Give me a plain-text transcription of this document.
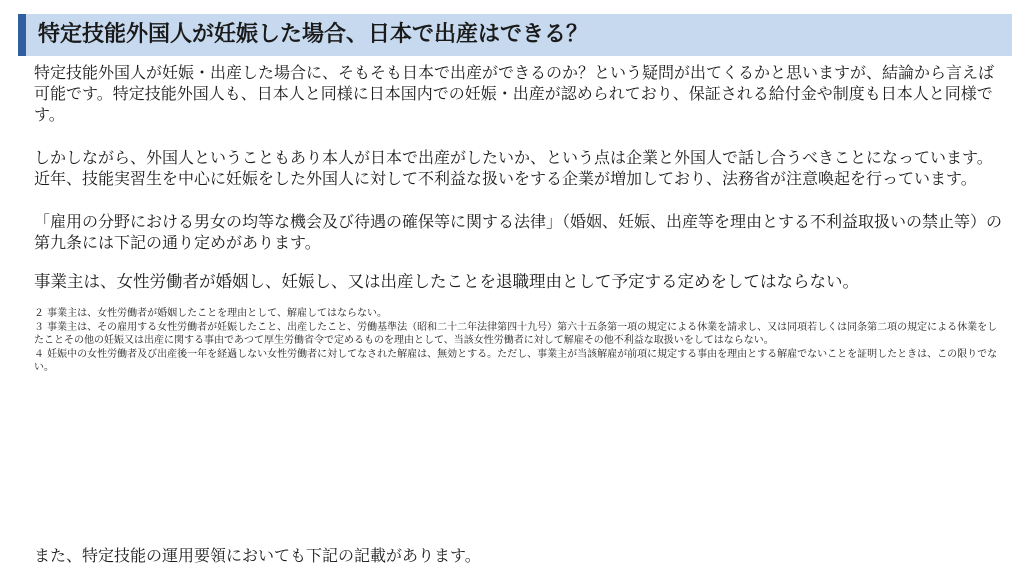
特定技能外国人が妊娠した場合、日本で出産はできる？

特定技能外国人が妊娠・出産した場合に、そもそも日本で出産ができるのか？という疑問が出てくるかと思いますが、結論から言えば可能です。特定技能外国人も、日本人と同様に日本国内での妊娠・出産が認められており、保証される給付金や制度も日本人と同様です。

しかしながら、外国人ということもあり本人が日本で出産がしたいか、という点は企業と外国人で話し合うべきことになっています。近年、技能実習生を中心に妊娠をした外国人に対して不利益な扱いをする企業が増加しており、法務省が注意喚起を行っています。

「雇用の分野における男女の均等な機会及び待遇の確保等に関する法律」（婚姻、妊娠、出産等を理由とする不利益取扱いの禁止等）の第九条には下記の通り定めがあります。

事業主は、女性労働者が婚姻し、妊娠し、又は出産したことを退職理由として予定する定めをしてはならない。

２ 事業主は、女性労働者が婚姻したことを理由として、解雇してはならない。

３ 事業主は、その雇用する女性労働者が妊娠したこと、出産したこと、労働基準法（昭和二十二年法律第四十九号）第六十五条第一項の規定による休業を請求し、又は同項若しくは同条第二項の規定による休業をしたことその他の妊娠又は出産に関する事由であつて厚生労働省令で定めるものを理由として、当該女性労働者に対して解雇その他不利益な取扱いをしてはならない。

４ 妊娠中の女性労働者及び出産後一年を経過しない女性労働者に対してなされた解雇は、無効とする。ただし、事業主が当該解雇が前項に規定する事由を理由とする解雇でないことを証明したときは、この限りでない。

また、特定技能の運用要領においても下記の記載があります。
